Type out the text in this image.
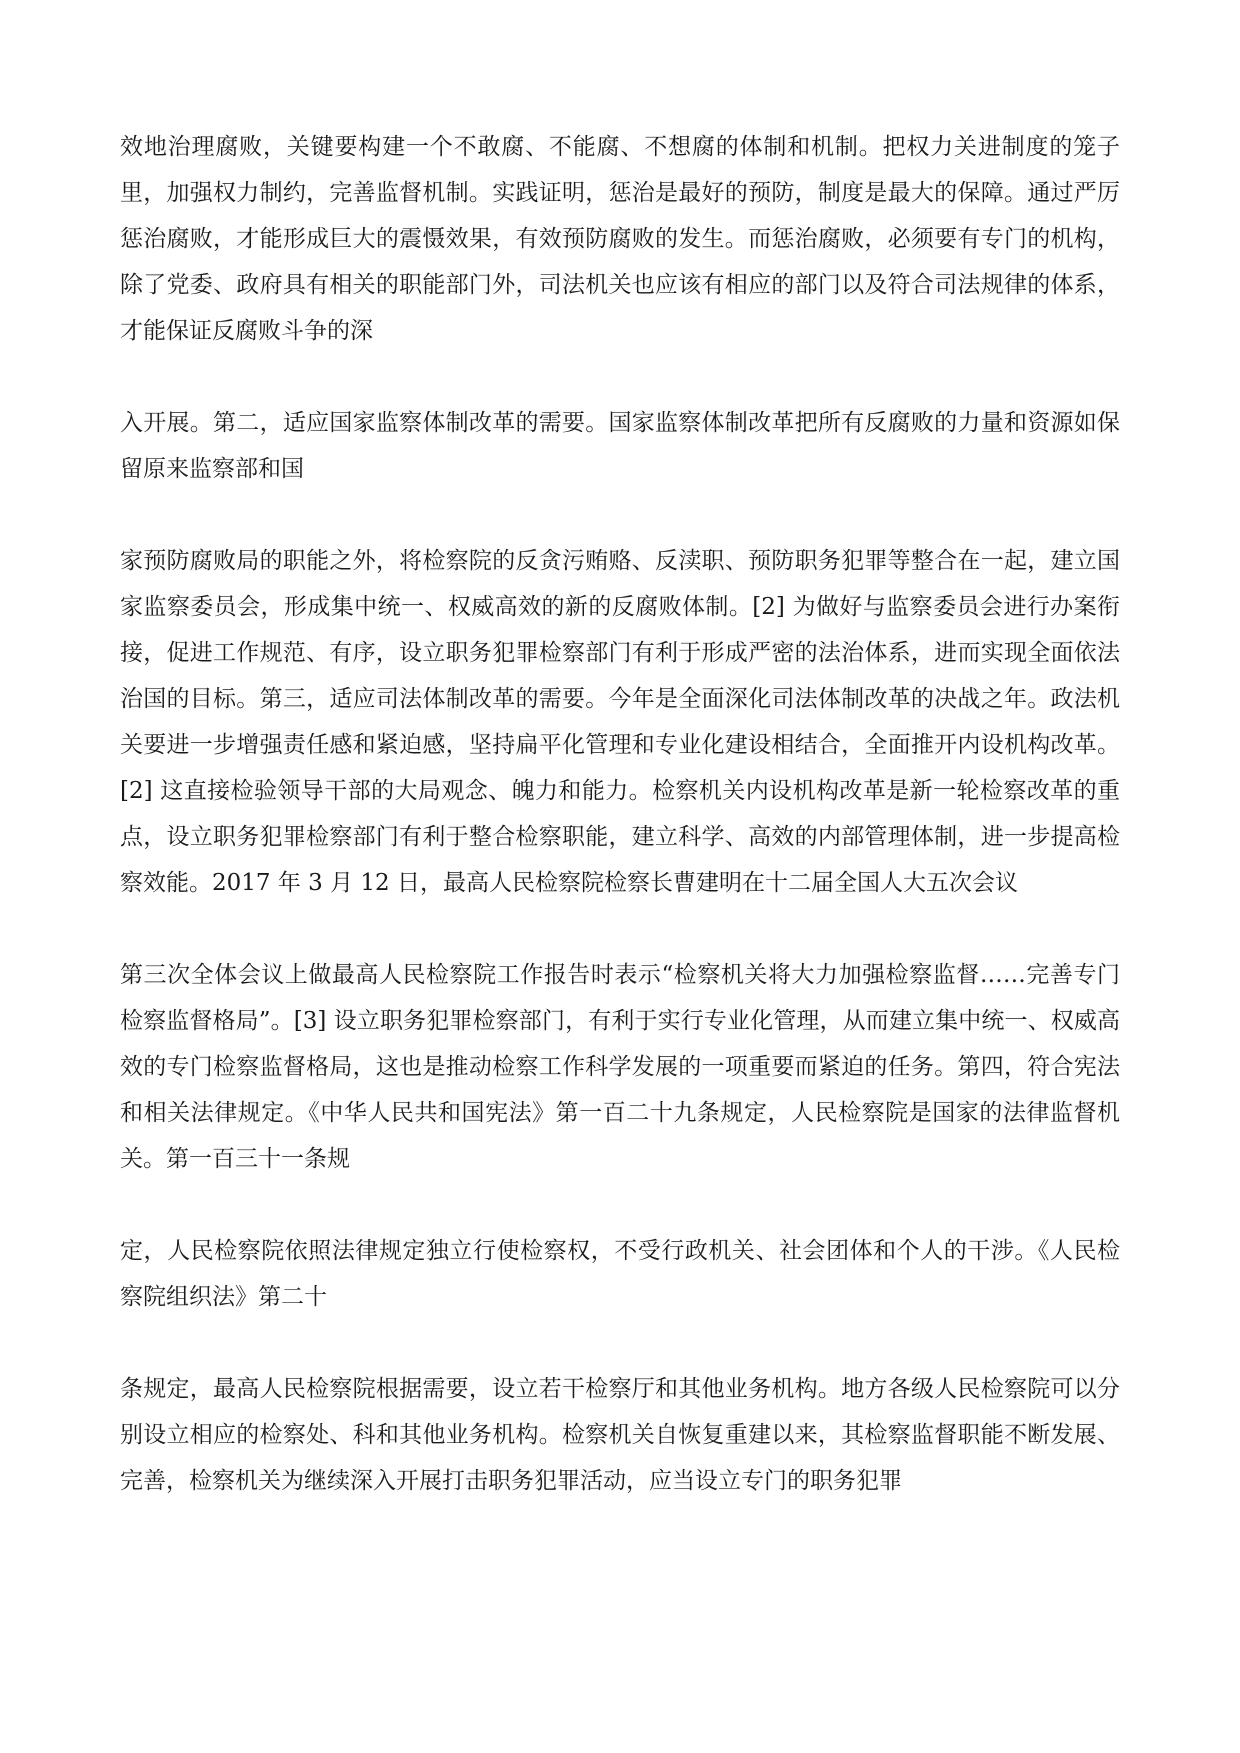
效地治理腐败，关键要构建一个不敢腐、不能腐、不想腐的体制和机制。把权力关进制度的笼子里，加强权力制约，完善监督机制。实践证明，惩治是最好的预防，制度是最大的保障。通过严厉惩治腐败，才能形成巨大的震慑效果，有效预防腐败的发生。而惩治腐败，必须要有专门的机构，除了党委、政府具有相关的职能部门外，司法机关也应该有相应的部门以及符合司法规律的体系，才能保证反腐败斗争的深

入开展。第二，适应国家监察体制改革的需要。国家监察体制改革把所有反腐败的力量和资源如保留原来监察部和国

家预防腐败局的职能之外，将检察院的反贪污贿赂、反渎职、预防职务犯罪等整合在一起，建立国家监察委员会，形成集中统一、权威高效的新的反腐败体制。[2] 为做好与监察委员会进行办案衔接，促进工作规范、有序，设立职务犯罪检察部门有利于形成严密的法治体系，进而实现全面依法治国的目标。第三，适应司法体制改革的需要。今年是全面深化司法体制改革的决战之年。政法机关要进一步增强责任感和紧迫感，坚持扁平化管理和专业化建设相结合，全面推开内设机构改革。[2] 这直接检验领导干部的大局观念、魄力和能力。检察机关内设机构改革是新一轮检察改革的重点，设立职务犯罪检察部门有利于整合检察职能，建立科学、高效的内部管理体制，进一步提高检察效能。2017 年 3 月 12 日，最高人民检察院检察长曹建明在十二届全国人大五次会议

第三次全体会议上做最高人民检察院工作报告时表示“检察机关将大力加强检察监督……完善专门检察监督格局”。[3] 设立职务犯罪检察部门，有利于实行专业化管理，从而建立集中统一、权威高效的专门检察监督格局，这也是推动检察工作科学发展的一项重要而紧迫的任务。第四，符合宪法和相关法律规定。《中华人民共和国宪法》第一百二十九条规定，人民检察院是国家的法律监督机关。第一百三十一条规

定，人民检察院依照法律规定独立行使检察权，不受行政机关、社会团体和个人的干涉。《人民检察院组织法》第二十

条规定，最高人民检察院根据需要，设立若干检察厅和其他业务机构。地方各级人民检察院可以分别设立相应的检察处、科和其他业务机构。检察机关自恢复重建以来，其检察监督职能不断发展、完善，检察机关为继续深入开展打击职务犯罪活动，应当设立专门的职务犯罪
